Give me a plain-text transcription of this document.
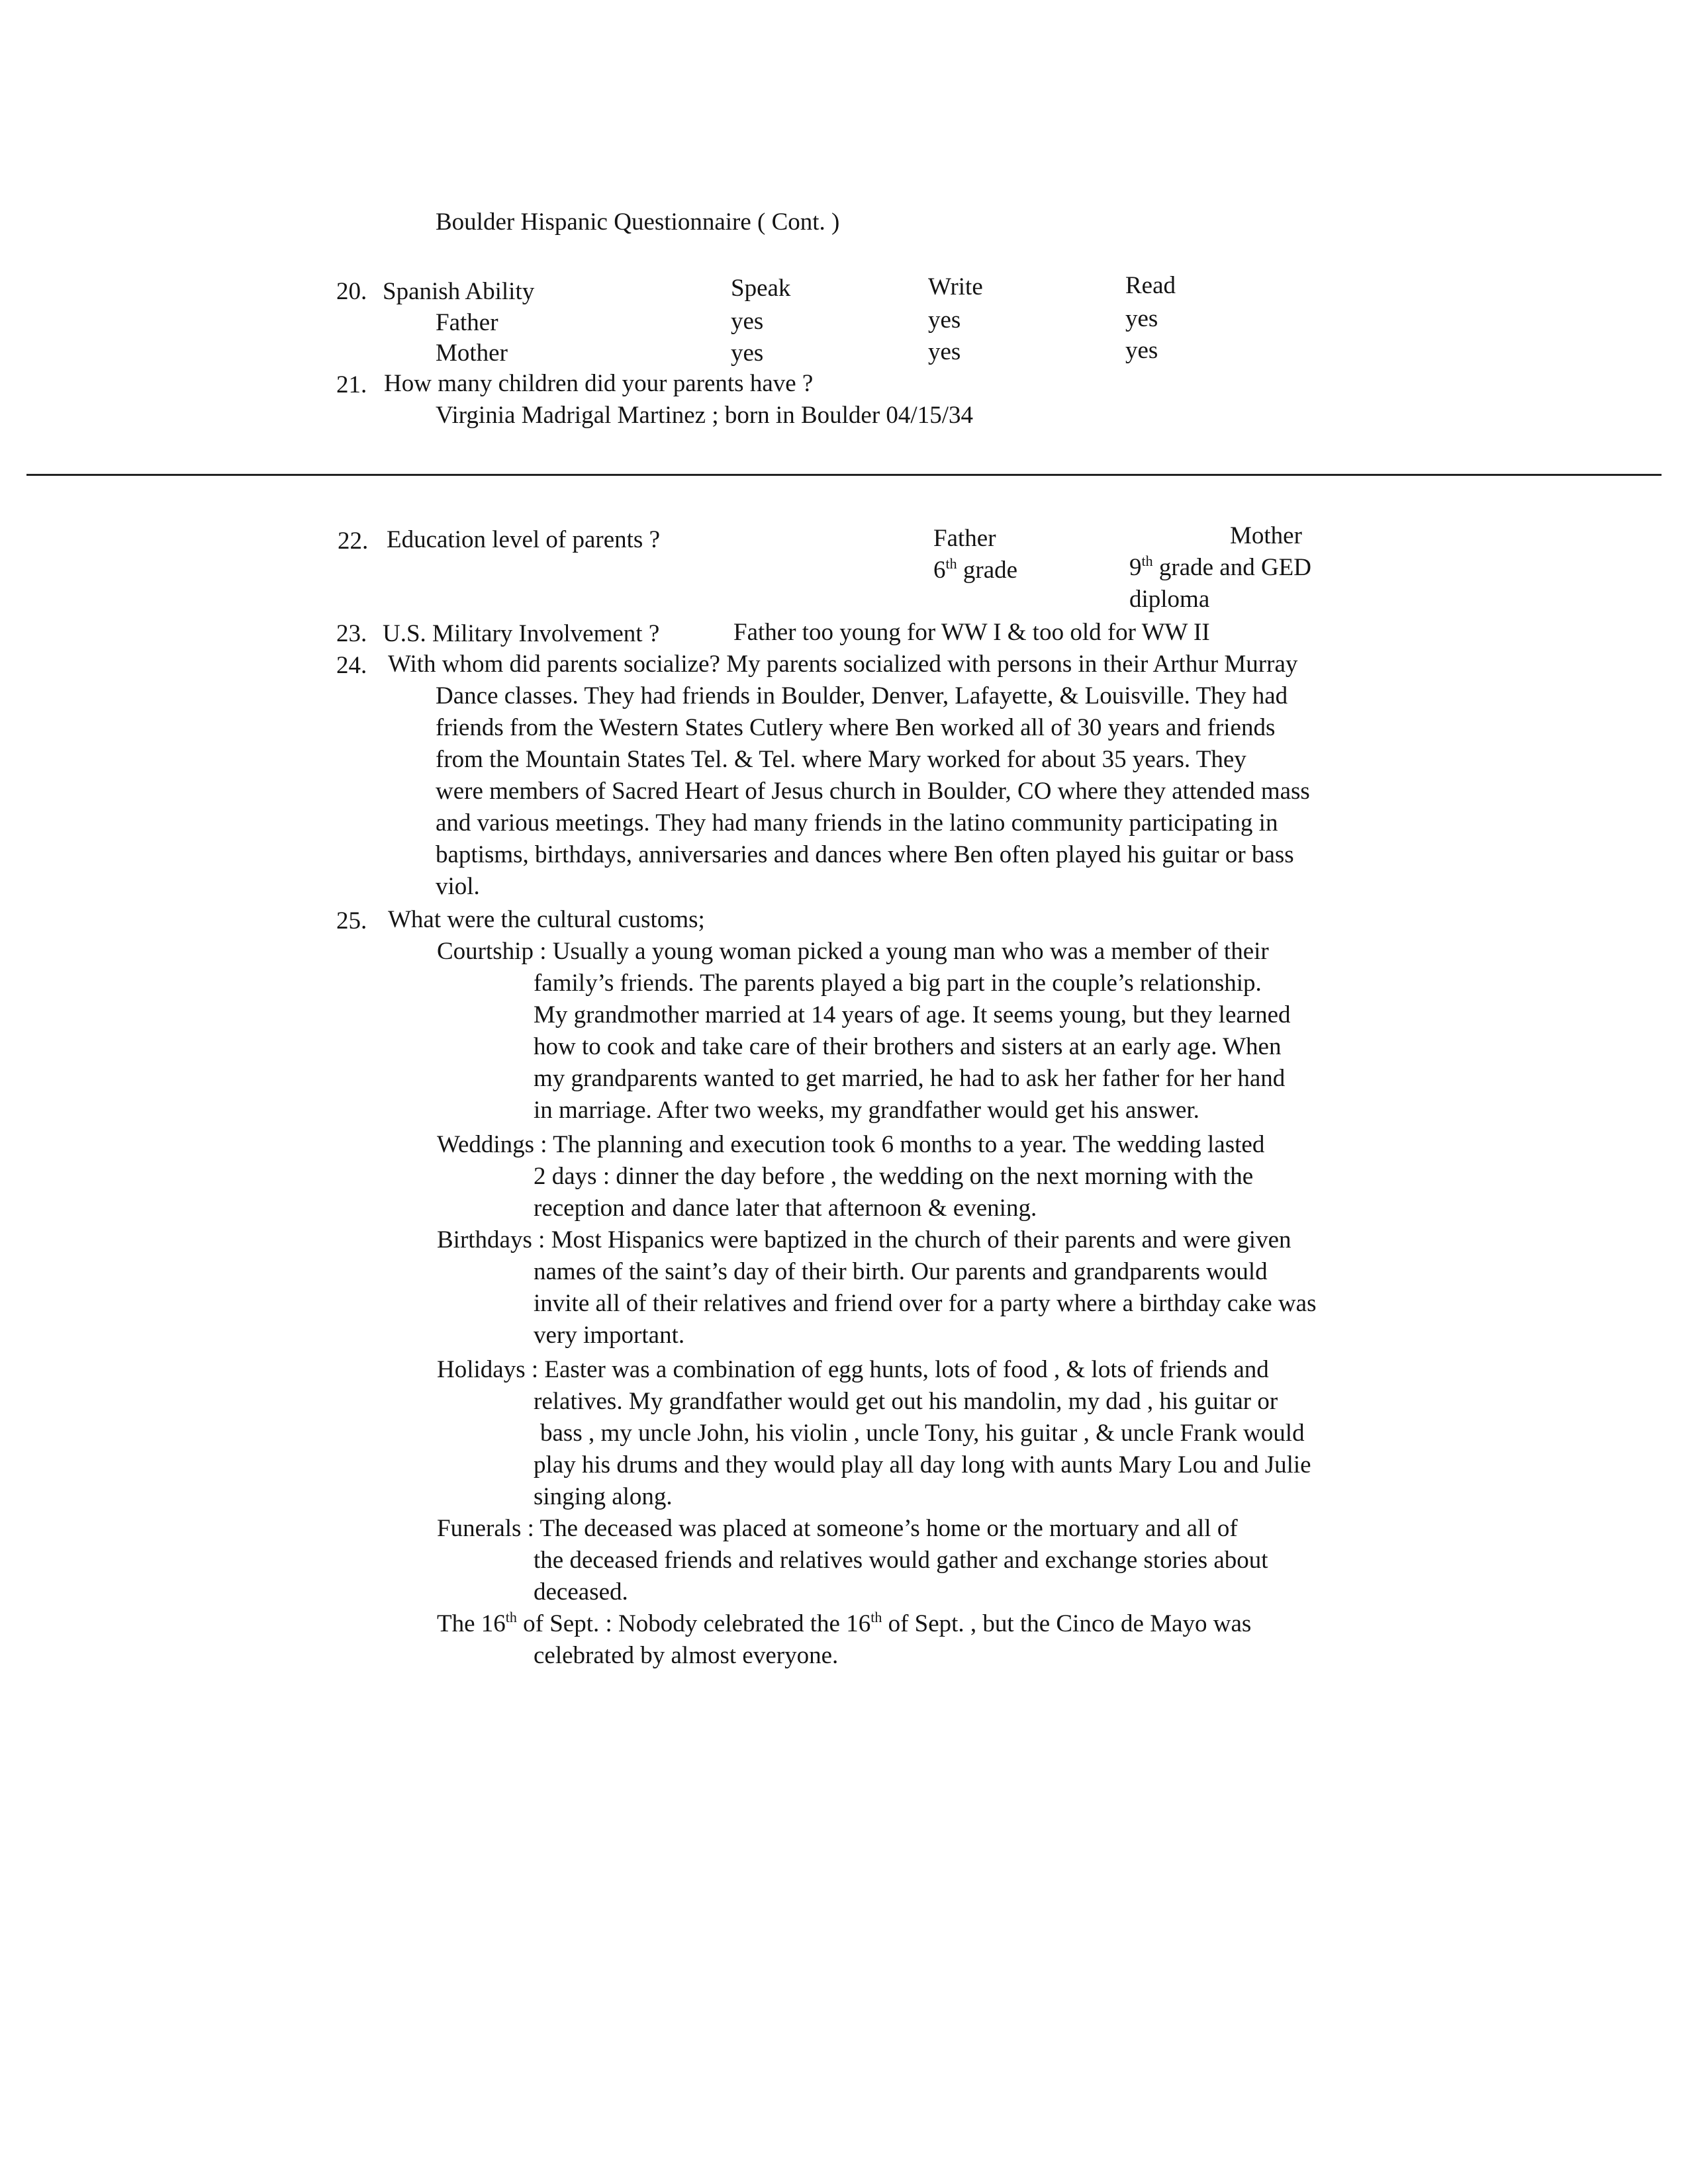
Boulder Hispanic Questionnaire ( Cont. )
20. Spanish Ability	Speak	Write	Read
Father	yes	yes	yes
Mother	yes	yes	yes
21. How many children did your parents have ?
Virginia Madrigal Martinez ; born in Boulder 04/15/34
22. Education level of parents ?	Father	Mother
6th grade	9th grade and GED
diploma
23. U.S. Military Involvement ?	Father too young for WW I & too old for WW II
24. With whom did parents socialize? My parents socialized with persons in their Arthur Murray
Dance classes. They had friends in Boulder, Denver, Lafayette, & Louisville. They had
friends from the Western States Cutlery where Ben worked all of 30 years and friends
from the Mountain States Tel. & Tel. where Mary worked for about 35 years. They
were members of Sacred Heart of Jesus church in Boulder, CO where they attended mass
and various meetings. They had many friends in the latino community participating in
baptisms, birthdays, anniversaries and dances where Ben often played his guitar or bass
viol.
25. What were the cultural customs;
Courtship : Usually a young woman picked a young man who was a member of their
family’s friends. The parents played a big part in the couple’s relationship.
My grandmother married at 14 years of age. It seems young, but they learned
how to cook and take care of their brothers and sisters at an early age. When
my grandparents wanted to get married, he had to ask her father for her hand
in marriage. After two weeks, my grandfather would get his answer.
Weddings : The planning and execution took 6 months to a year. The wedding lasted
2 days : dinner the day before , the wedding on the next morning with the
reception and dance later that afternoon & evening.
Birthdays : Most Hispanics were baptized in the church of their parents and were given
names of the saint’s day of their birth. Our parents and grandparents would
invite all of their relatives and friend over for a party where a birthday cake was
very important.
Holidays : Easter was a combination of egg hunts, lots of food , & lots of friends and
relatives. My grandfather would get out his mandolin, my dad , his guitar or
bass , my uncle John, his violin , uncle Tony, his guitar , & uncle Frank would
play his drums and they would play all day long with aunts Mary Lou and Julie
singing along.
Funerals : The deceased was placed at someone’s home or the mortuary and all of
the deceased friends and relatives would gather and exchange stories about
deceased.
The 16th of Sept. : Nobody celebrated the 16th of Sept. , but the Cinco de Mayo was
celebrated by almost everyone.
